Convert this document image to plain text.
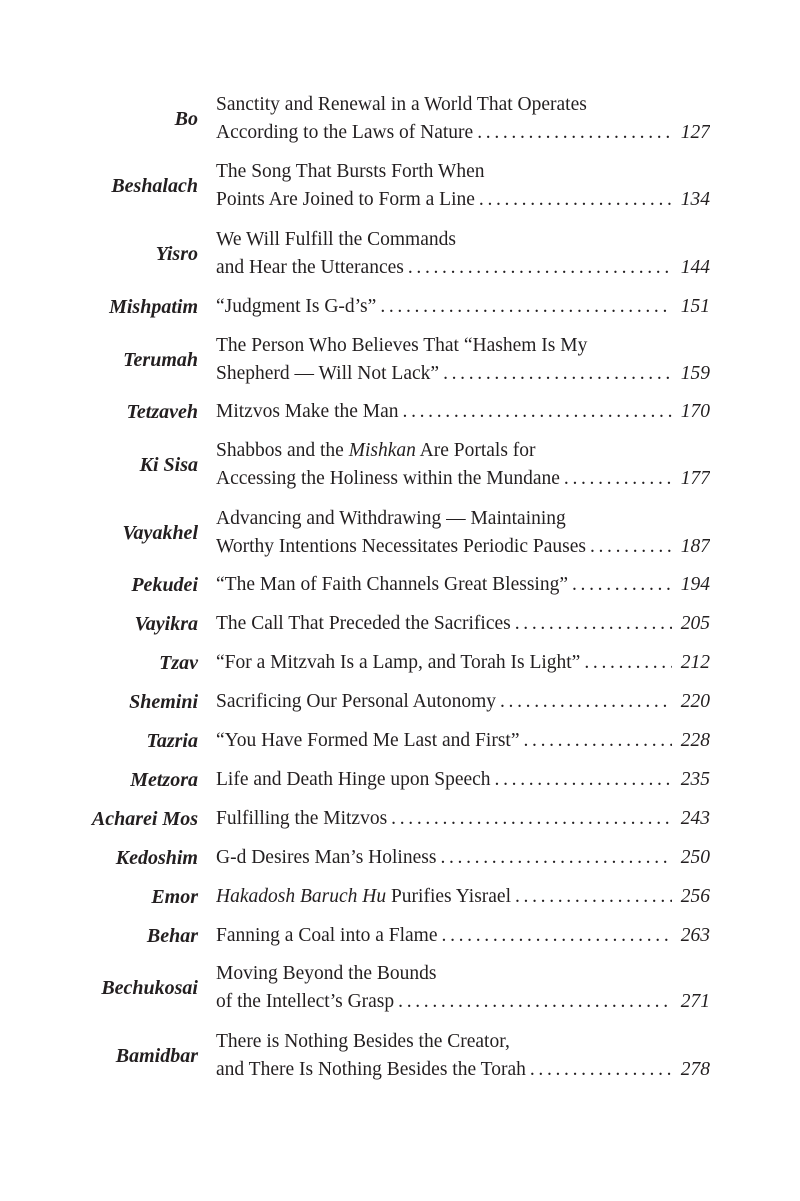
Bo
Sanctity and Renewal in a World That Operates
According to the Laws of Nature . . .	127
Beshalach
The Song That Bursts Forth When
Points Are Joined to Form a Line . . .	134
Yisro
We Will Fulfill the Commands
and Hear the Utterances . . .	144
Mishpatim “Judgment Is G-d’s” . . .	151
Terumah
The Person Who Believes That “Hashem Is My
Shepherd — Will Not Lack” . . .	159
Tetzaveh Mitzvos Make the Man . . .	170
Ki Sisa
Shabbos and the Mishkan Are Portals for
Accessing the Holiness within the Mundane . . .	177
Vayakhel
Advancing and Withdrawing — Maintaining
Worthy Intentions Necessitates Periodic Pauses . . .	187
Pekudei “The Man of Faith Channels Great Blessing” . . .	194
Vayikra The Call That Preceded the Sacrifices . . .	205
Tzav “For a Mitzvah Is a Lamp, and Torah Is Light” . . .	212
Shemini Sacrificing Our Personal Autonomy . . .	220
Tazria “You Have Formed Me Last and First” . . .	228
Metzora Life and Death Hinge upon Speech . . .	235
Acharei Mos Fulfilling the Mitzvos . . .	243
Kedoshim G-d Desires Man’s Holiness . . .	250
Emor Hakadosh Baruch Hu Purifies Yisrael . . .	256
Behar Fanning a Coal into a Flame . . .	263
Bechukosai
Moving Beyond the Bounds
of the Intellect’s Grasp . . .	271
Bamidbar
There is Nothing Besides the Creator,
and There Is Nothing Besides the Torah . . .	278
